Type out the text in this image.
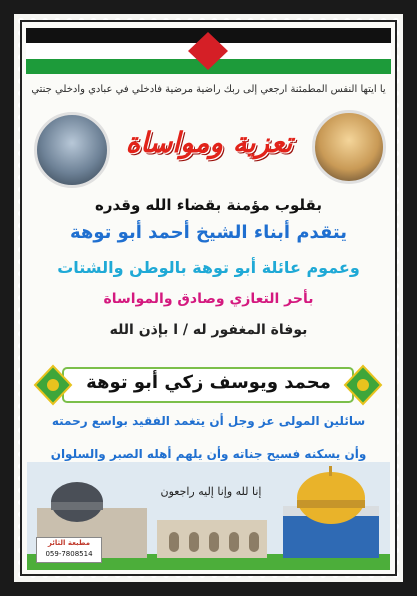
يا أيتها النفس المطمئنة ارجعي إلى ربك راضية مرضية فادخلي في عبادي وادخلي جنتي
تعزية ومواساة
بقلوب مؤمنة بقضاء الله وقدره
يتقدم أبناء الشيخ أحمد أبو توهة
وعموم عائلة أبو توهة بالوطن والشتات
بأحر التعازي وصادق والمواساة
بوفاة المغفور له / ا بإذن الله
محمد ويوسف زكي أبو توهة
سائلين المولى عز وجل أن يتغمد الفقيد بواسع رحمته
وأن يسكنه فسيح جناته وأن يلهم أهله الصبر والسلوان
إنا لله وإنا إليه راجعون
مطبعة الثائر
059-7808514
